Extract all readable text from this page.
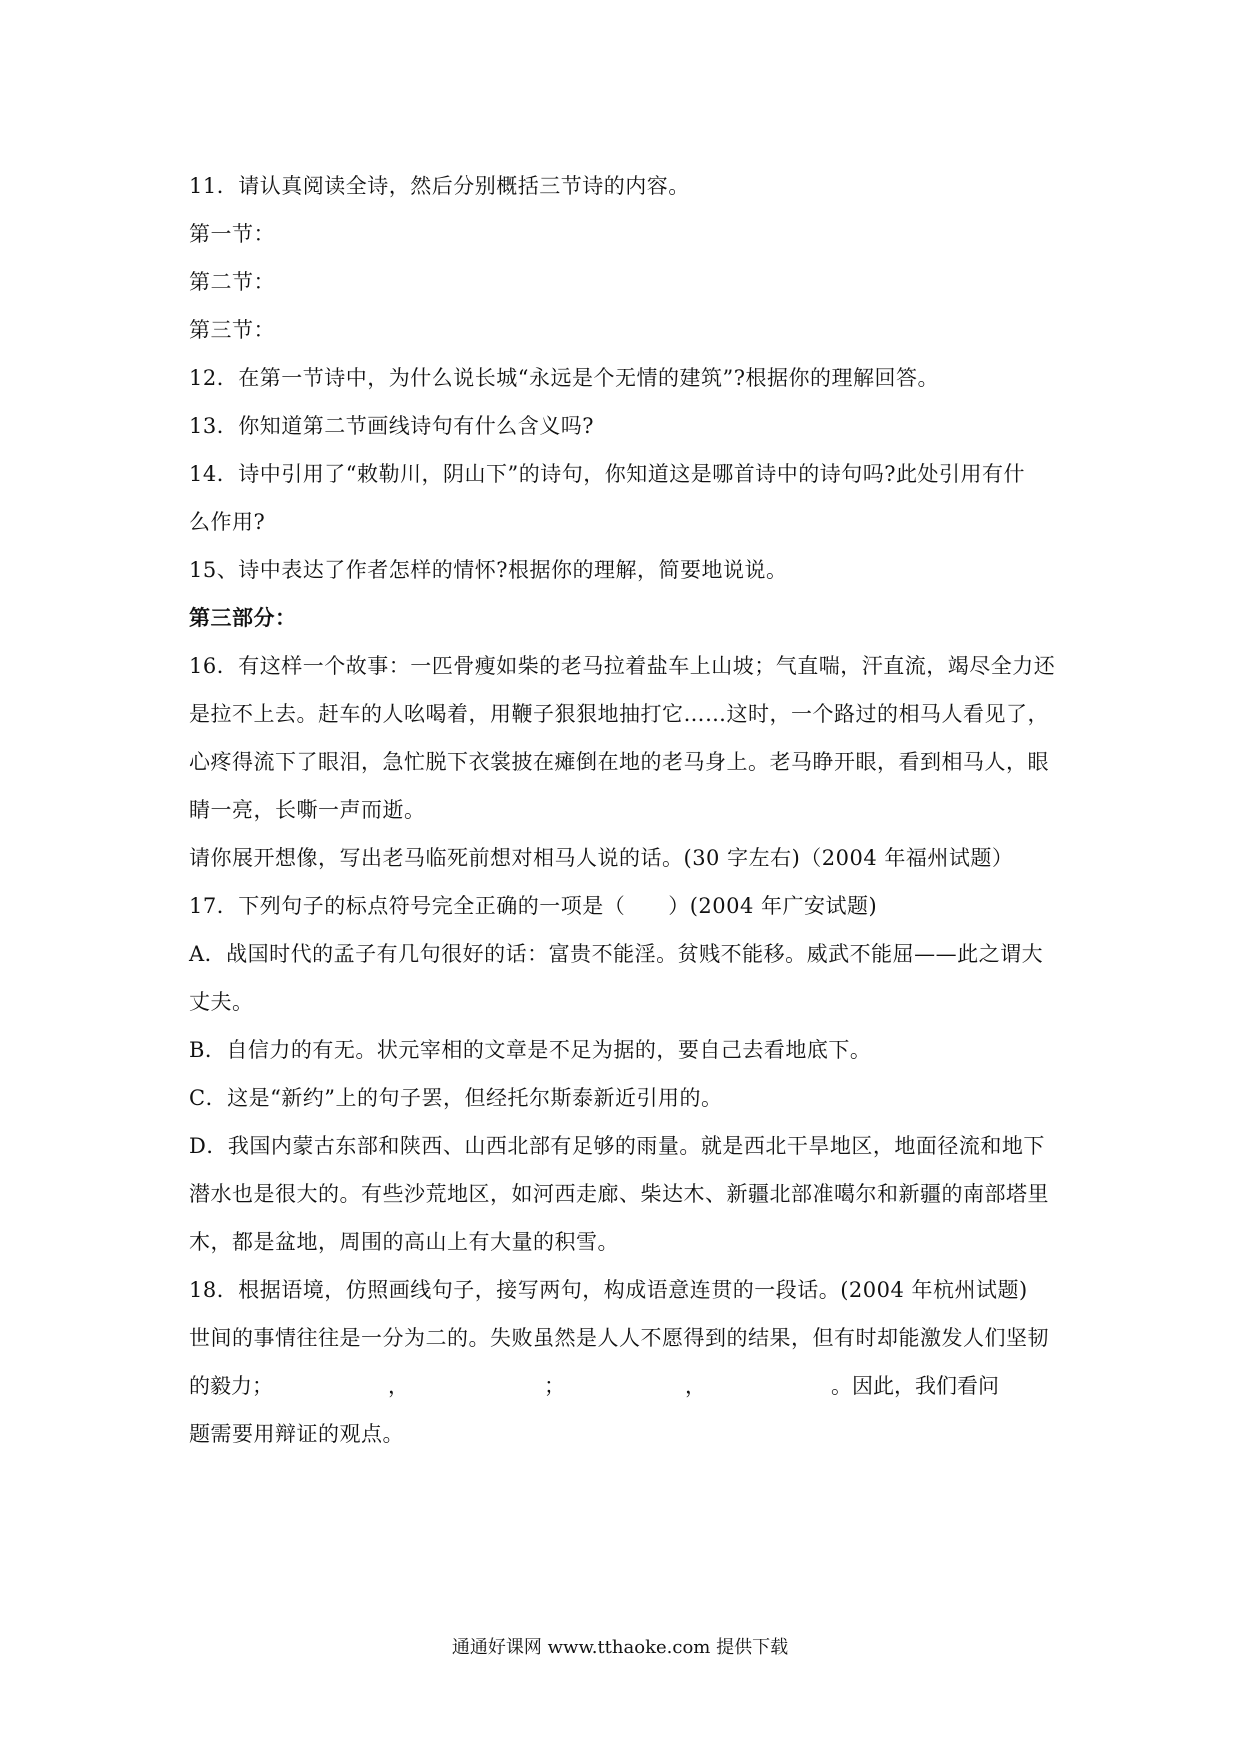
11．请认真阅读全诗，然后分别概括三节诗的内容。

第一节：

第二节：

第三节：

12．在第一节诗中，为什么说长城“永远是个无情的建筑”?根据你的理解回答。

13．你知道第二节画线诗句有什么含义吗?

14．诗中引用了“敕勒川，阴山下”的诗句，你知道这是哪首诗中的诗句吗?此处引用有什

么作用?

15、诗中表达了作者怎样的情怀?根据你的理解，简要地说说。

第三部分：

16．有这样一个故事：一匹骨瘦如柴的老马拉着盐车上山坡；气直喘，汗直流，竭尽全力还

是拉不上去。赶车的人吆喝着，用鞭子狠狠地抽打它……这时，一个路过的相马人看见了，

心疼得流下了眼泪，急忙脱下衣裳披在瘫倒在地的老马身上。老马睁开眼，看到相马人，眼

睛一亮，长嘶一声而逝。

请你展开想像，写出老马临死前想对相马人说的话。(30 字左右)（2004 年福州试题）

17．下列句子的标点符号完全正确的一项是（　　）(2004 年广安试题)

A．战国时代的孟子有几句很好的话：富贵不能淫。贫贱不能移。威武不能屈——此之谓大

丈夫。

B．自信力的有无。状元宰相的文章是不足为据的，要自己去看地底下。

C．这是“新约”上的句子罢，但经托尔斯泰新近引用的。

D．我国内蒙古东部和陕西、山西北部有足够的雨量。就是西北干旱地区，地面径流和地下

潜水也是很大的。有些沙荒地区，如河西走廊、柴达木、新疆北部准噶尔和新疆的南部塔里

木，都是盆地，周围的高山上有大量的积雪。

18．根据语境，仿照画线句子，接写两句，构成语意连贯的一段话。(2004 年杭州试题)

世间的事情往往是一分为二的。失败虽然是人人不愿得到的结果，但有时却能激发人们坚韧

的毅力；	，	；	，	。因此，我们看问

题需要用辩证的观点。

通通好课网 www.tthaoke.com 提供下载
